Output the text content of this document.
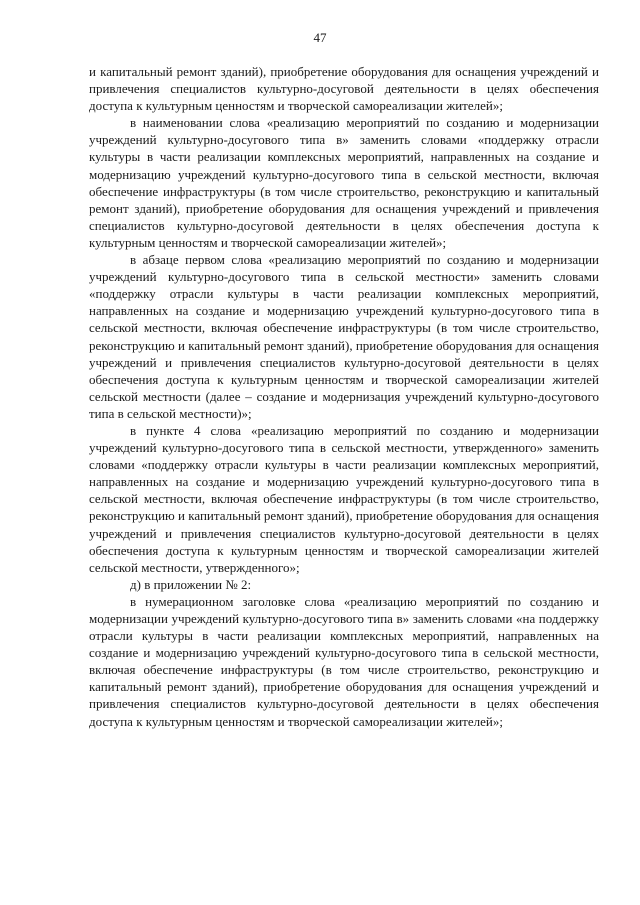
47

и капитальный ремонт зданий), приобретение оборудования для оснащения учреждений и привлечения специалистов культурно-досуговой деятельности в целях обеспечения доступа к культурным ценностям и творческой самореализации жителей»;

в наименовании слова «реализацию мероприятий по созданию и модернизации учреждений культурно-досугового типа в» заменить словами «поддержку отрасли культуры в части реализации комплексных мероприятий, направленных на создание и модернизацию учреждений культурно-досугового типа в сельской местности, включая обеспечение инфраструктуры (в том числе строительство, реконструкцию и капитальный ремонт зданий), приобретение оборудования для оснащения учреждений и привлечения специалистов культурно-досуговой деятельности в целях обеспечения доступа к культурным ценностям и творческой самореализации жителей»;

в абзаце первом слова «реализацию мероприятий по созданию и модернизации учреждений культурно-досугового типа в сельской местности» заменить словами «поддержку отрасли культуры в части реализации комплексных мероприятий, направленных на создание и модернизацию учреждений культурно-досугового типа в сельской местности, включая обеспечение инфраструктуры (в том числе строительство, реконструкцию и капитальный ремонт зданий), приобретение оборудования для оснащения учреждений и привлечения специалистов культурно-досуговой деятельности в целях обеспечения доступа к культурным ценностям и творческой самореализации жителей сельской местности (далее – создание и модернизация учреждений культурно-досугового типа в сельской местности)»;

в пункте 4 слова «реализацию мероприятий по созданию и модернизации учреждений культурно-досугового типа в сельской местности, утвержденного» заменить словами «поддержку отрасли культуры в части реализации комплексных мероприятий, направленных на создание и модернизацию учреждений культурно-досугового типа в сельской местности, включая обеспечение инфраструктуры (в том числе строительство, реконструкцию и капитальный ремонт зданий), приобретение оборудования для оснащения учреждений и привлечения специалистов культурно-досуговой деятельности в целях обеспечения доступа к культурным ценностям и творческой самореализации жителей сельской местности, утвержденного»;

д) в приложении № 2:

в нумерационном заголовке слова «реализацию мероприятий по созданию и модернизации учреждений культурно-досугового типа в» заменить словами «на поддержку отрасли культуры в части реализации комплексных мероприятий, направленных на создание и модернизацию учреждений культурно-досугового типа в сельской местности, включая обеспечение инфраструктуры (в том числе строительство, реконструкцию и капитальный ремонт зданий), приобретение оборудования для оснащения учреждений и привлечения специалистов культурно-досуговой деятельности в целях обеспечения доступа к культурным ценностям и творческой самореализации жителей»;
